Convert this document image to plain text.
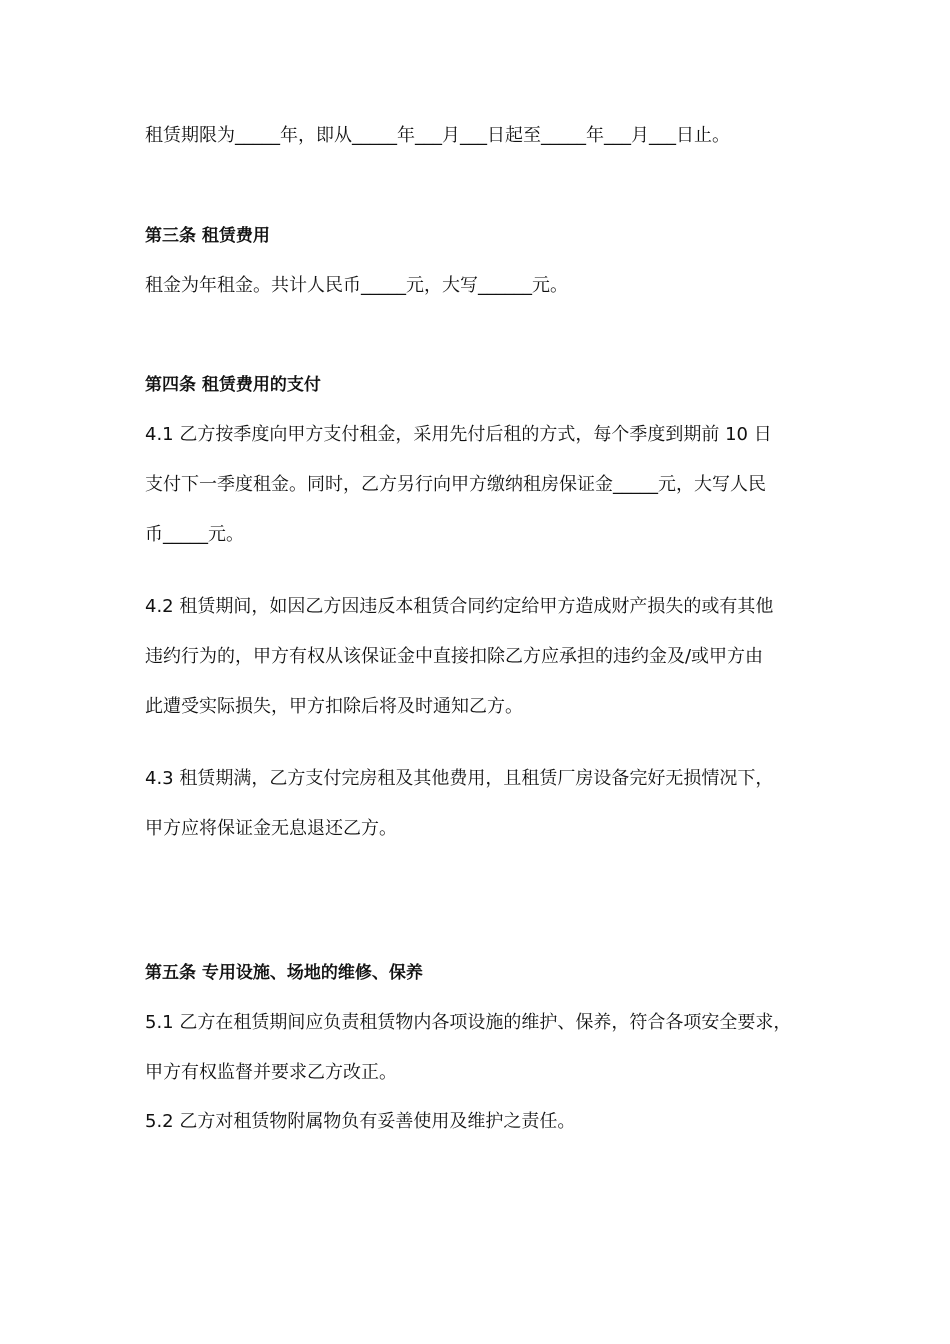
租赁期限为_____年，即从_____年___月___日起至_____年___月___日止。
第三条 租赁费用
租金为年租金。共计人民币_____元，大写______元。
第四条 租赁费用的支付
4.1 乙方按季度向甲方支付租金，采用先付后租的方式，每个季度到期前 10 日
支付下一季度租金。同时，乙方另行向甲方缴纳租房保证金_____元，大写人民
币_____元。
4.2 租赁期间，如因乙方因违反本租赁合同约定给甲方造成财产损失的或有其他
违约行为的，甲方有权从该保证金中直接扣除乙方应承担的违约金及/或甲方由
此遭受实际损失，甲方扣除后将及时通知乙方。
4.3 租赁期满，乙方支付完房租及其他费用，且租赁厂房设备完好无损情况下，
甲方应将保证金无息退还乙方。
第五条 专用设施、场地的维修、保养
5.1 乙方在租赁期间应负责租赁物内各项设施的维护、保养，符合各项安全要求，
甲方有权监督并要求乙方改正。
5.2 乙方对租赁物附属物负有妥善使用及维护之责任。
